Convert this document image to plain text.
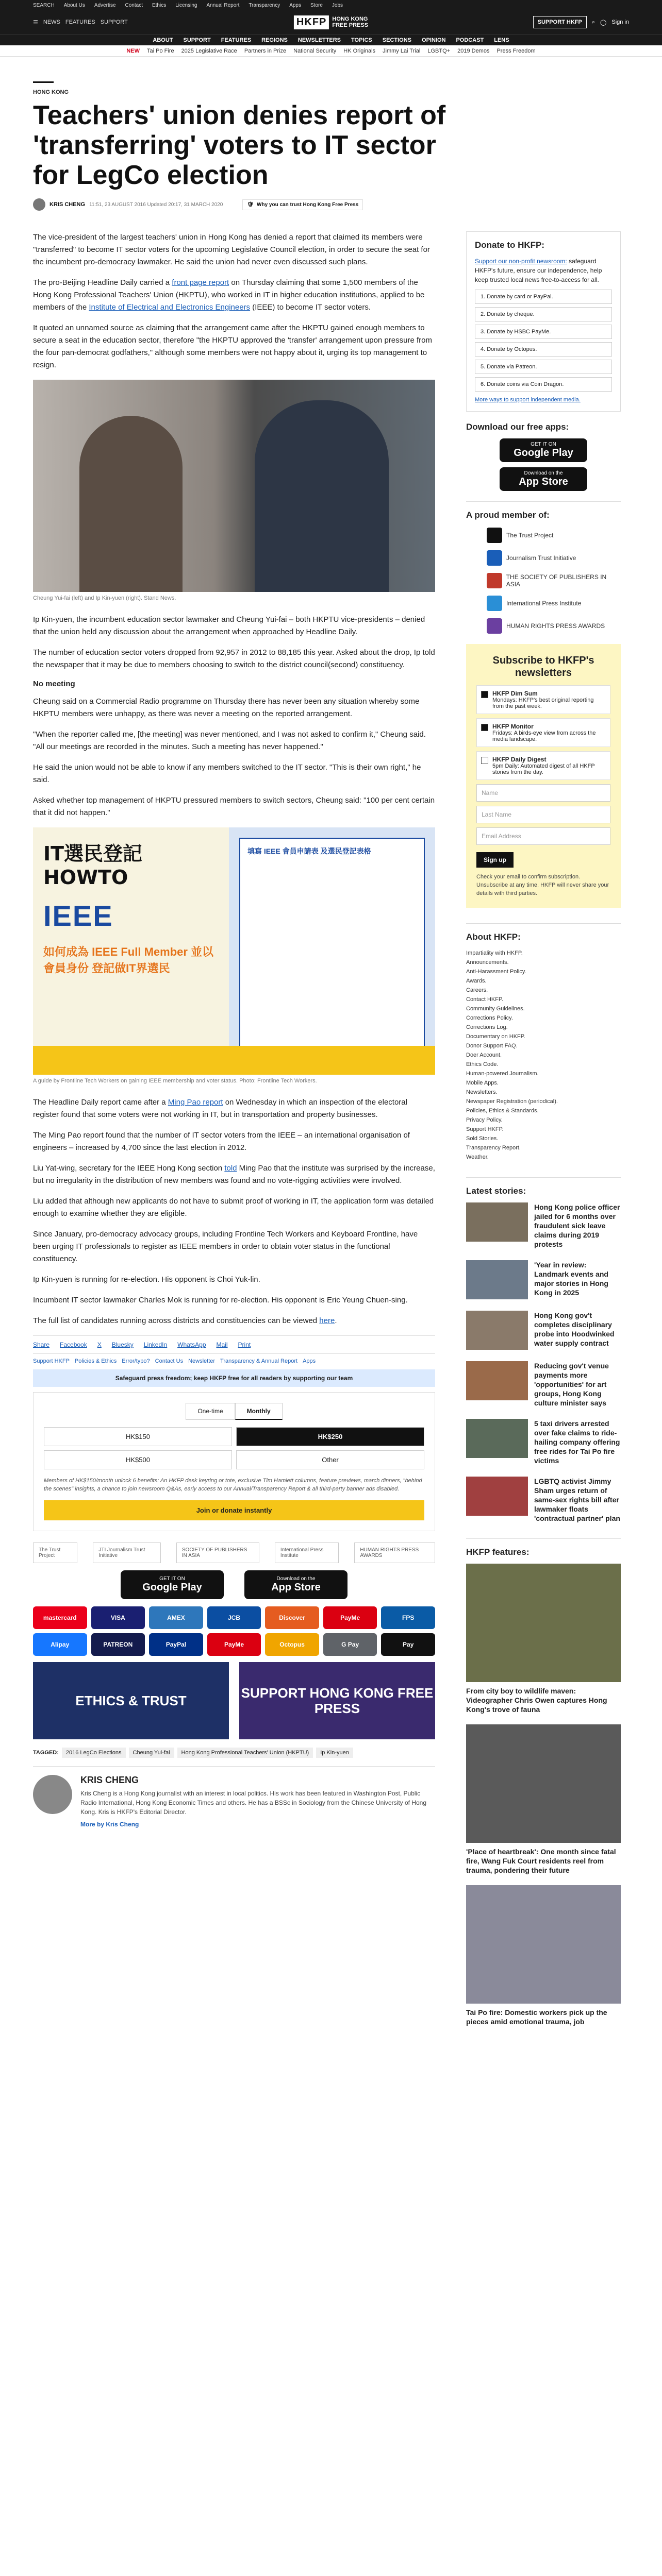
SEARCH About Us Advertise Contact Ethics Licensing Annual Report Transparency Apps Store Jobs
☰ NEWS FEATURES SUPPORT	HKFP	HONG KONG
FREE PRESS	SUPPORT HKFP	⌕ ◯ Sign in
ABOUT SUPPORT FEATURES REGIONS NEWSLETTERS TOPICS SECTIONS OPINION PODCAST LENS
NEW Tai Po Fire 2025 Legislative Race Partners in Prize National Security HK Originals Jimmy Lai Trial LGBTQ+ 2019 Demos Press Freedom
HONG KONG
Teachers' union denies report of 'transferring' voters to IT sector for LegCo election
KRIS CHENG 11:51, 23 AUGUST 2016 Updated 20:17, 31 MARCH 2020	🛡 Why you can trust Hong Kong Free Press

The vice-president of the largest teachers' union in Hong Kong has denied a report that claimed its members were "transferred" to become IT sector voters for the upcoming Legislative Council election, in order to secure the seat for the incumbent pro-democracy lawmaker. He said the union had never even discussed such plans.

The pro-Beijing Headline Daily carried a front page report on Thursday claiming that some 1,500 members of the Hong Kong Professional Teachers' Union (HKPTU), who worked in IT in higher education institutions, applied to be members of the Institute of Electrical and Electronics Engineers (IEEE) to become IT sector voters.

It quoted an unnamed source as claiming that the arrangement came after the HKPTU gained enough members to secure a seat in the education sector, therefore "the HKPTU approved the 'transfer' arrangement upon pressure from the four pan-democrat godfathers," although some members were not happy about it, urging its top management to resign.

Cheung Yui-fai (left) and Ip Kin-yuen (right). Stand News.

Ip Kin-yuen, the incumbent education sector lawmaker and Cheung Yui-fai – both HKPTU vice-presidents – denied that the union held any discussion about the arrangement when approached by Headline Daily.

The number of education sector voters dropped from 92,957 in 2012 to 88,185 this year. Asked about the drop, Ip told the newspaper that it may be due to members choosing to switch to the district council(second) constituency.

No meeting

Cheung said on a Commercial Radio programme on Thursday there has never been any situation whereby some HKPTU members were unhappy, as there was never a meeting on the reported arrangement.

"When the reporter called me, [the meeting] was never mentioned, and I was not asked to confirm it," Cheung said. "All our meetings are recorded in the minutes. Such a meeting has never happened."

He said the union would not be able to know if any members switched to the IT sector. "This is their own right," he said.

Asked whether top management of HKPTU pressured members to switch sectors, Cheung said: "100 per cent certain that it did not happen."

IT選民登記HOWTO
IEEE
如何成為 IEEE Full Member 並以會員身份 登記做IT界選民
填寫 IEEE 會員申請表 及選民登記表格
A guide by Frontline Tech Workers on gaining IEEE membership and voter status. Photo: Frontline Tech Workers.

The Headline Daily report came after a Ming Pao report on Wednesday in which an inspection of the electoral register found that some voters were not working in IT, but in transportation and property businesses.

The Ming Pao report found that the number of IT sector voters from the IEEE – an international organisation of engineers – increased by 4,700 since the last election in 2012.

Liu Yat-wing, secretary for the IEEE Hong Kong section told Ming Pao that the institute was surprised by the increase, but no irregularity in the distribution of new members was found and no vote-rigging activities were involved.

Liu added that although new applicants do not have to submit proof of working in IT, the application form was detailed enough to examine whether they are eligible.

Since January, pro-democracy advocacy groups, including Frontline Tech Workers and Keyboard Frontline, have been urging IT professionals to register as IEEE members in order to obtain voter status in the functional constituency.

Ip Kin-yuen is running for re-election. His opponent is Choi Yuk-lin.

Incumbent IT sector lawmaker Charles Mok is running for re-election. His opponent is Eric Yeung Chuen-sing.

The full list of candidates running across districts and constituencies can be viewed here.

Share Facebook X Bluesky LinkedIn WhatsApp Mail Print
Support HKFP Policies & Ethics Error/typo? Contact Us Newsletter Transparency & Annual Report Apps
Safeguard press freedom; keep HKFP free for all readers by supporting our team
One-time	Monthly
HK$150	HK$250
HK$500	Other
Members of HK$150/month unlock 6 benefits: An HKFP desk keyring or tote, exclusive Tim Hamlett columns, feature previews, march dinners, "behind the scenes" insights, a chance to join newsroom Q&As, early access to our Annual/Transparency Report & all third-party banner ads disabled.
Join or donate instantly
The Trust Project
JTI Journalism Trust Initiative
SOCIETY OF PUBLISHERS IN ASIA
International Press Institute
HUMAN RIGHTS PRESS AWARDS
GET IT ON
Google Play
Download on the
App Store
mastercard	VISA	AMEX	JCB	Discover	PayMe	FPS
Alipay	PATREON	PayPal	PayMe	Octopus	G Pay	Pay
ETHICS & TRUST	SUPPORT HONG KONG FREE PRESS
TAGGED:	2016 LegCo Elections	Cheung Yui-fai	Hong Kong Professional Teachers' Union (HKPTU)	Ip Kin-yuen
KRIS CHENG
Kris Cheng is a Hong Kong journalist with an interest in local politics. His work has been featured in Washington Post, Public Radio International, Hong Kong Economic Times and others. He has a BSSc in Sociology from the Chinese University of Hong Kong. Kris is HKFP's Editorial Director.
More by Kris Cheng
Donate to HKFP:

Support our non-profit newsroom: safeguard HKFP's future, ensure our independence, help keep trusted local news free-to-access for all.

1. Donate by card or PayPal.
2. Donate by cheque.
3. Donate by HSBC PayMe.
4. Donate by Octopus.
5. Donate via Patreon.
6. Donate coins via Coin Dragon.
More ways to support independent media.
Download our free apps:
GET IT ON
Google Play
Download on the
App Store
A proud member of:
The Trust Project
Journalism Trust Initiative
THE SOCIETY OF PUBLISHERS IN ASIA
International Press Institute
HUMAN RIGHTS PRESS AWARDS
Subscribe to HKFP's newsletters
HKFP Dim Sum
Mondays: HKFP's best original reporting from the past week.
HKFP Monitor
Fridays: A birds-eye view from across the media landscape.
HKFP Daily Digest
5pm Daily: Automated digest of all HKFP stories from the day.
Name
Last Name
Email Address
Sign up
Check your email to confirm subscription. Unsubscribe at any time. HKFP will never share your details with third parties.
About HKFP:
Impartiality with HKFP.
Announcements.
Anti-Harassment Policy.
Awards.
Careers.
Contact HKFP.
Community Guidelines.
Corrections Policy.
Corrections Log.
Documentary on HKFP.
Donor Support FAQ.
Doer Account.
Ethics Code.
Human-powered Journalism.
Mobile Apps.
Newsletters.
Newspaper Registration (periodical).
Policies, Ethics & Standards.
Privacy Policy.
Support HKFP.
Sold Stories.
Transparency Report.
Weather.
Latest stories:
Hong Kong police officer jailed for 6 months over fraudulent sick leave claims during 2019 protests
'Year in review: Landmark events and major stories in Hong Kong in 2025
Hong Kong gov't completes disciplinary probe into Hoodwinked water supply contract
Reducing gov't venue payments more 'opportunities' for art groups, Hong Kong culture minister says
5 taxi drivers arrested over fake claims to ride-hailing company offering free rides for Tai Po fire victims
LGBTQ activist Jimmy Sham urges return of same-sex rights bill after lawmaker floats 'contractual partner' plan
HKFP features:
From city boy to wildlife maven: Videographer Chris Owen captures Hong Kong's trove of fauna
'Place of heartbreak': One month since fatal fire, Wang Fuk Court residents reel from trauma, pondering their future
Tai Po fire: Domestic workers pick up the pieces amid emotional trauma, job
